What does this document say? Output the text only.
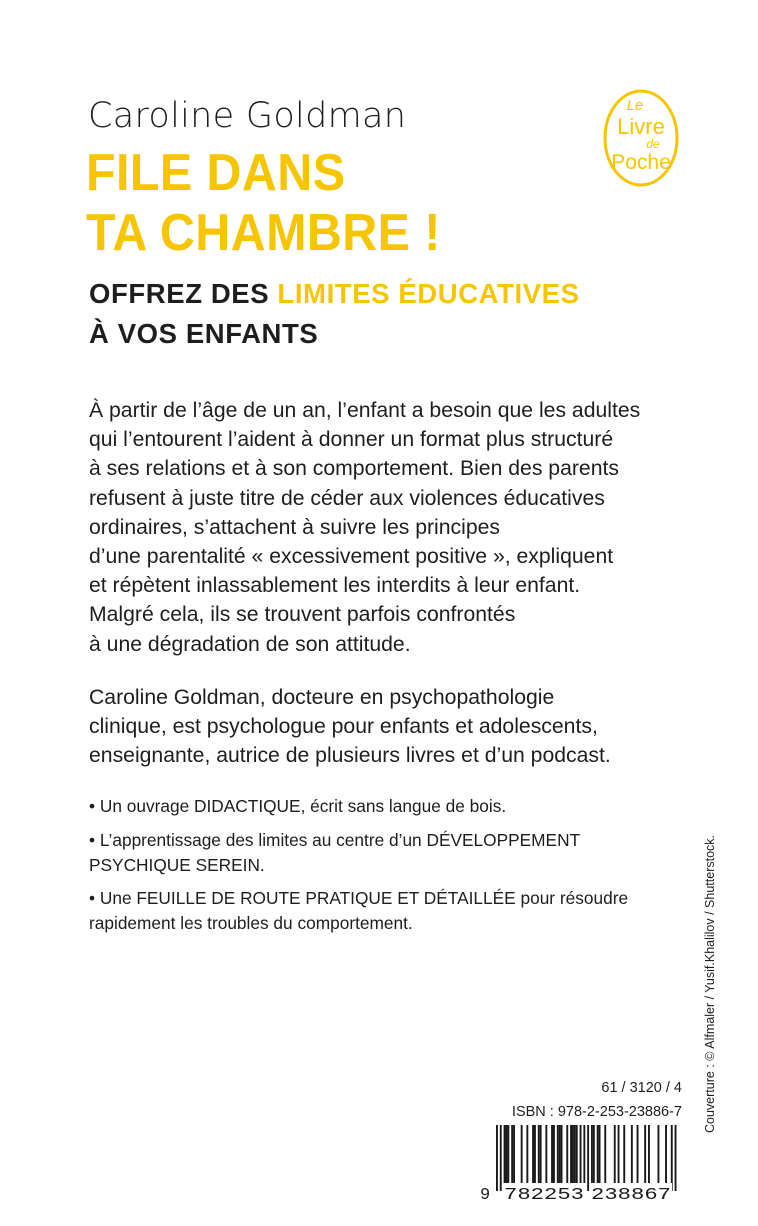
Caroline Goldman
FILE DANS
TA CHAMBRE !
OFFREZ DES LIMITES ÉDUCATIVES
À VOS ENFANTS
Le
Livre
de
Poche

À partir de l’âge de un an, l’enfant a besoin que les adultes
qui l’entourent l’aident à donner un format plus structuré
à ses relations et à son comportement. Bien des parents
refusent à juste titre de céder aux violences éducatives
ordinaires, s’attachent à suivre les principes
d’une parentalité « excessivement positive », expliquent
et répètent inlassablement les interdits à leur enfant.
Malgré cela, ils se trouvent parfois confrontés
à une dégradation de son attitude.

Caroline Goldman, docteure en psychopathologie
clinique, est psychologue pour enfants et adolescents,
enseignante, autrice de plusieurs livres et d’un podcast.

• Un ouvrage DIDACTIQUE, écrit sans langue de bois.
• L’apprentissage des limites au centre d’un DÉVELOPPEMENT
PSYCHIQUE SEREIN.
• Une FEUILLE DE ROUTE PRATIQUE ET DÉTAILLÉE pour résoudre
rapidement les troubles du comportement.	Couverture : © Alfmaler / Yusif.Khalilov / Shutterstock.
61 / 3120 / 4
ISBN : 978-2-253-23886-7
9 782253 238867
